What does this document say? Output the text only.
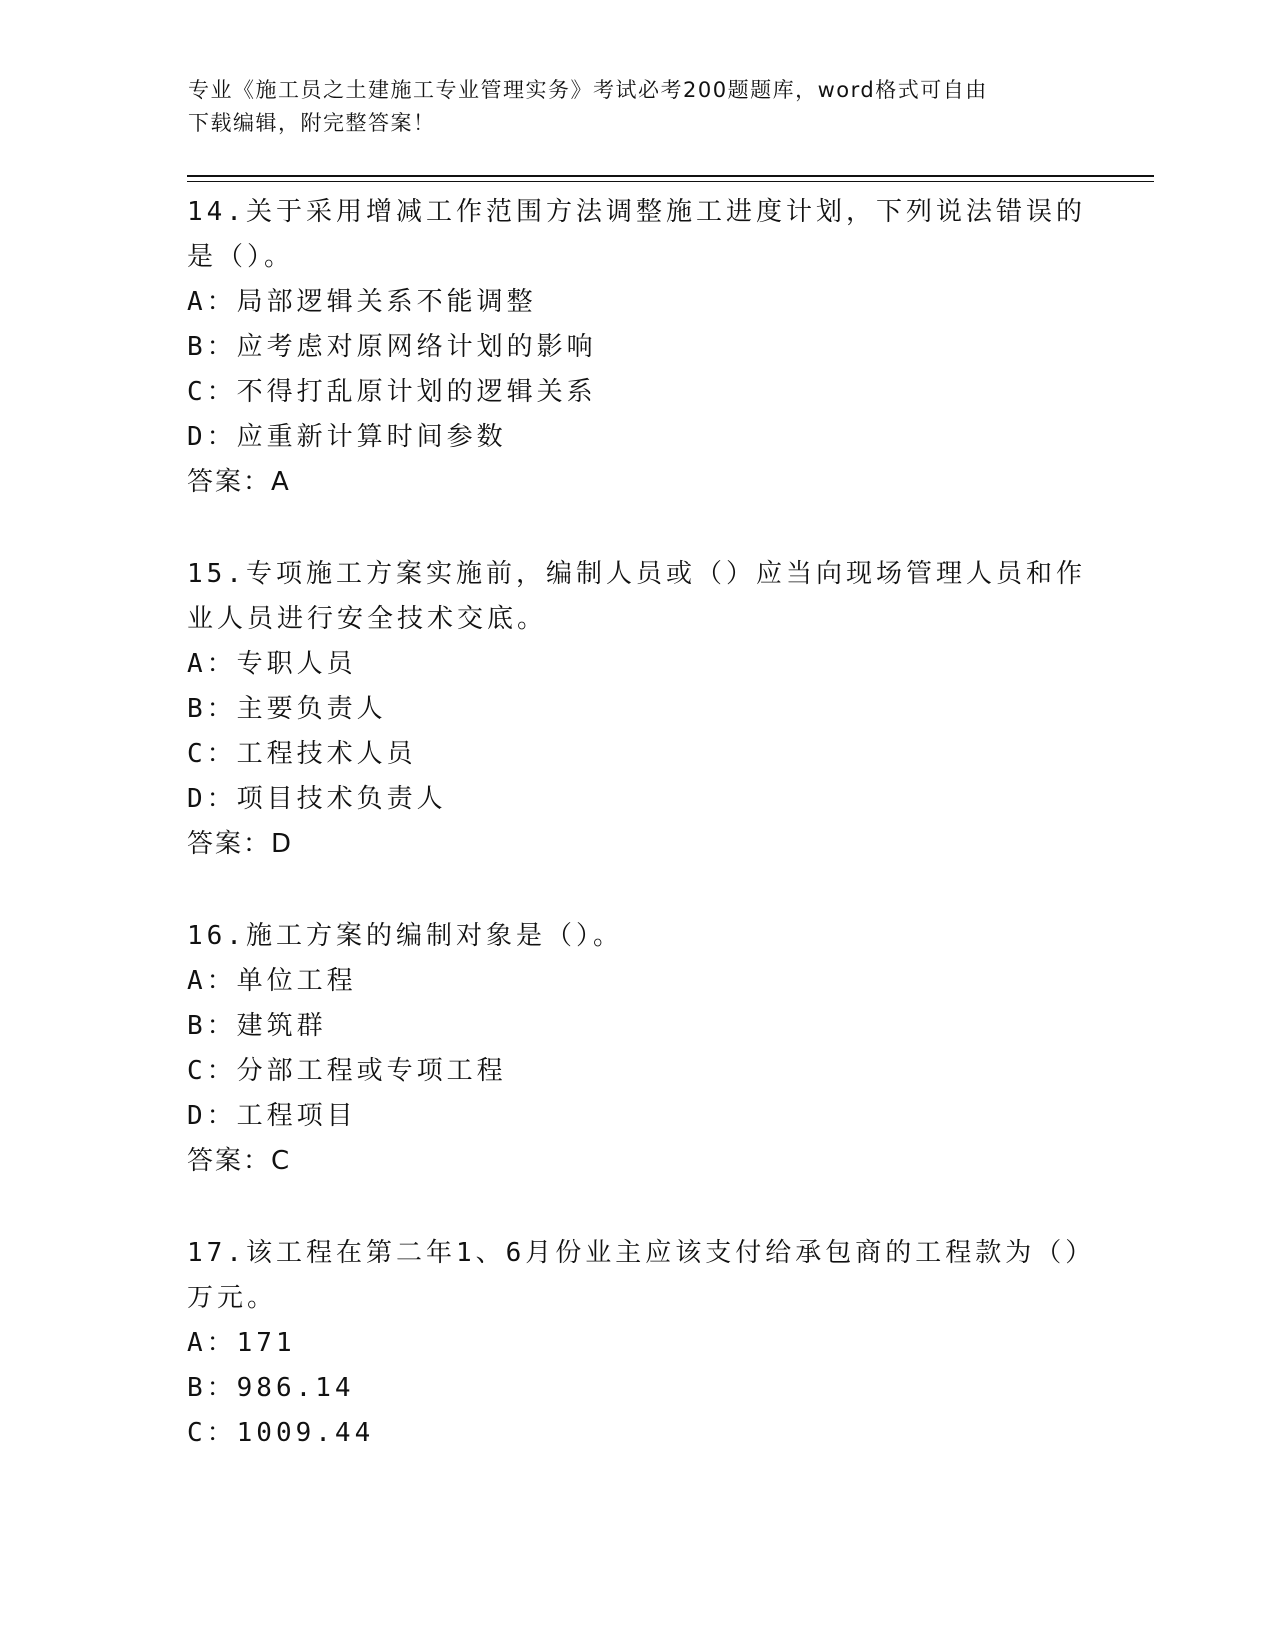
专业《施工员之土建施工专业管理实务》考试必考200题题库，word格式可自由
下载编辑，附完整答案！

14.关于采用增减工作范围方法调整施工进度计划，下列说法错误的是（）。

A：局部逻辑关系不能调整

B：应考虑对原网络计划的影响

C：不得打乱原计划的逻辑关系

D：应重新计算时间参数

答案：A

15.专项施工方案实施前，编制人员或（）应当向现场管理人员和作业人员进行安全技术交底。

A：专职人员

B：主要负责人

C：工程技术人员

D：项目技术负责人

答案：D

16.施工方案的编制对象是（）。

A：单位工程

B：建筑群

C：分部工程或专项工程

D：工程项目

答案：C

17.该工程在第二年1、6月份业主应该支付给承包商的工程款为（）万元。

A：171

B：986.14

C：1009.44
